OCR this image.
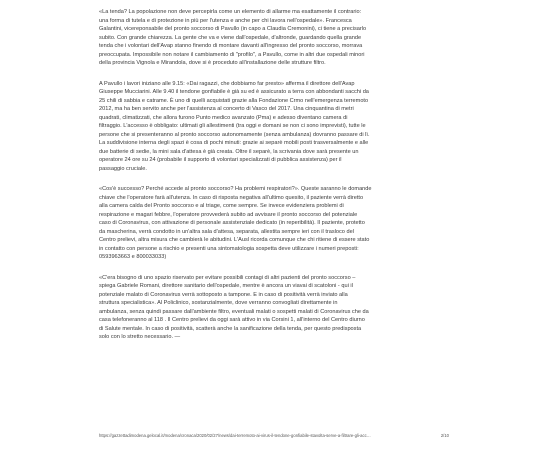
«La tenda? La popolazione non deve percepirla come un elemento di allarme ma esattamente il contrario:
una forma di tutela e di protezione in più per l'utenza e anche per chi lavora nell'ospedale». Francesca
Galantini, vicereponsabile del pronto soccorso di Pavullo (in capo a Claudia Cremonini), ci tiene a precisarlo
subito. Con grande chiarezza. La gente che va e viene dall'ospedale, d'altronde, guardando quella grande
tenda che i volontari dell'Avap stanno finendo di montare davanti all'ingresso del pronto soccorso, morrava
preoccupata. Impossibile non notare il cambiamento di "profilo", a Pavullo, come in altri due ospedali minori
della provincia Vignola e Mirandola, dove si è proceduto all'installazione delle strutture filtro.

A Pavullo i lavori iniziano alle 9.15: «Dai ragazzi, che dobbiamo far presto» afferma il direttore dell'Avap
Giuseppe Mucciarini. Alle 9.40 il tendone gonfiabile è già su ed è assicurato a terra con abbondanti sacchi da
25 chili di sabbia e catrame. È uno di quelli acquistati grazie alla Fondazione Crmo nell'emergenza terremoto
2012, ma ha ben servito anche per l'assistenza al concerto di Vasco del 2017. Una cinquantina di metri
quadrati, climatizzati, che allora furono Punto medico avanzato (Pma) e adesso diventano camera di
filtraggio. L'accesso è obbligato: ultimati gli allestimenti (tra oggi e domani se non ci sono imprevisti), tutte le
persone che si presenteranno al pronto soccorso autonomamente (senza ambulanza) dovranno passare di lì.
La suddivisione interna degli spazi è cosa di pochi minuti: grazie ai separè mobili posti trasversalmente e alle
due batterie di sedie, la mini sala d'attesa è già creata. Oltre il separè, la scrivania dove sarà presente un
operatore 24 ore su 24 (probabile il supporto di volontari specializzati di pubblica assistenza) per il
passaggio cruciale.

«Cos'è successo? Perché accede al pronto soccorso? Ha problemi respiratori?». Queste saranno le domande
chiave che l'operatore farà all'utenza. In caso di risposta negativa all'ultimo quesito, il paziente verrà diretto
alla camera calda del Pronto soccorso e al triage, come sempre. Se invece evidenziera problemi di
respirazione e magari febbre, l'operatore provvederà subito ad avvisare il pronto soccorso del potenziale
caso di Coronavirus, con attivazione di personale assistenziale dedicato (in reperibilità). Il paziente, protetto
da mascherina, verrà condotto in un'altra sala d'attesa, separata, allestita sempre ieri con il trasloco del
Centro prelievi, altra misura che cambierà le abitudini. L'Ausl ricorda comunque che chi ritiene di essere stato
in contatto con persone a rischio e presenti una sintomatologia sospetta deve utilizzare i numeri preposti:
0593963663 e 800033033)

«C'era bisogno di uno spazio riservato per evitare possibili contagi di altri pazienti del pronto soccorso –
spiega Gabriele Romani, direttore sanitario dell'ospedale, mentre è ancora un viavai di scatoloni - qui il
potenziale malato di Coronavirus verrà sottoposto a tampone. E in caso di positività verrà inviato alla
struttura specialistica». Al Policlinico, sostanzialmente, dove verranno convogliati direttamente in
ambulanza, senza quindi passare dall'ambiente filtro, eventuali malati o sospetti malati di Coronavirus che da
casa telefoneranno al 118 . Il Centro prelievi da oggi sarà attivo in via Corsini 1, all'interno del Centro diurno
di Salute mentale. In caso di positività, scatterà anche la sanificazione della tenda, per questo predisposta
solo con lo stretto necessario. —

https://gazzettadimodena.gelocal.it/modena/cronaca/2020/02/27/news/dai-terremoto-ai-virus-il-tendone-gonfiabile-stavolta-serve-a-filtrare-gli-acc…	2/10
